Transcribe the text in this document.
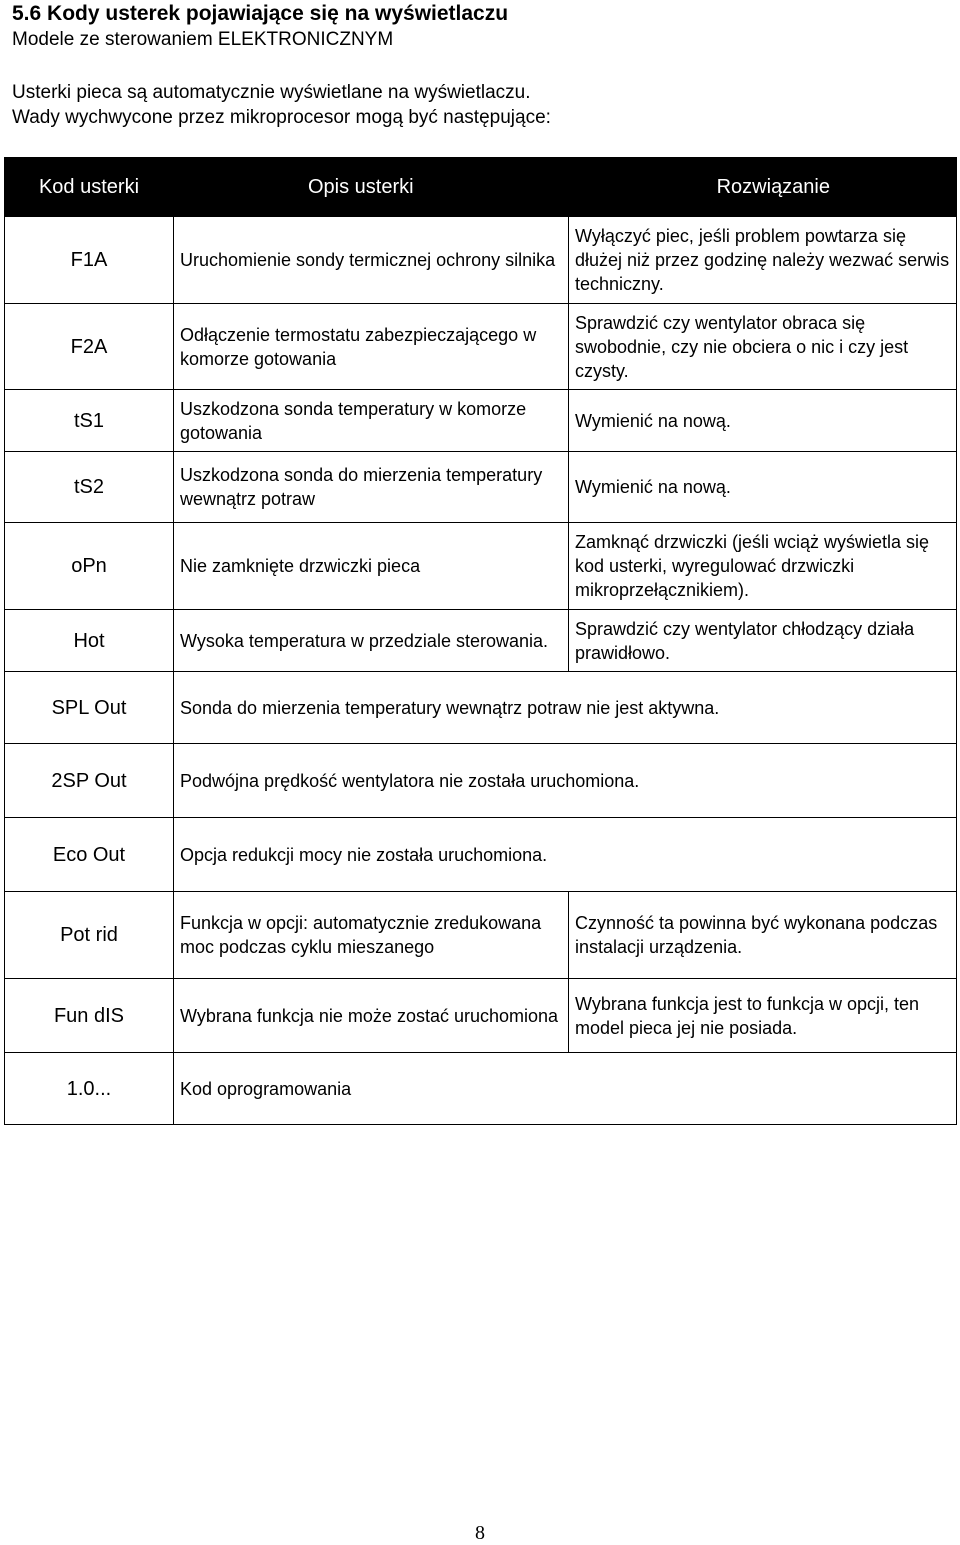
5.6 Kody usterek pojawiające się na wyświetlaczu
Modele ze sterowaniem ELEKTRONICZNYM
Usterki pieca są automatycznie wyświetlane na wyświetlaczu.
Wady wychwycone przez mikroprocesor mogą być następujące:
Kod usterki	Opis usterki	Rozwiązanie
F1A	Uruchomienie sondy termicznej ochrony silnika	Wyłączyć piec, jeśli problem powtarza się dłużej niż przez godzinę należy wezwać serwis techniczny.
F2A	Odłączenie termostatu zabezpieczającego w komorze gotowania	Sprawdzić czy wentylator obraca się swobodnie, czy nie obciera o nic i czy jest czysty.
tS1	Uszkodzona sonda temperatury w komorze gotowania	Wymienić na nową.
tS2	Uszkodzona sonda do mierzenia temperatury wewnątrz potraw	Wymienić na nową.
oPn	Nie zamknięte drzwiczki pieca	Zamknąć drzwiczki (jeśli wciąż wyświetla się kod usterki, wyregulować drzwiczki mikroprzełącznikiem).
Hot	Wysoka temperatura w przedziale sterowania.	Sprawdzić czy wentylator chłodzący działa prawidłowo.
SPL Out	Sonda do mierzenia temperatury wewnątrz potraw nie jest aktywna.	
2SP Out	Podwójna prędkość wentylatora nie została uruchomiona.	
Eco Out	Opcja redukcji mocy nie została uruchomiona.	
Pot rid	Funkcja w opcji: automatycznie zredukowana moc podczas cyklu mieszanego	Czynność ta powinna być wykonana podczas instalacji urządzenia.
Fun dIS	Wybrana funkcja nie może zostać uruchomiona	Wybrana funkcja jest to funkcja w opcji, ten model pieca jej nie posiada.
1.0...	Kod oprogramowania	
8
